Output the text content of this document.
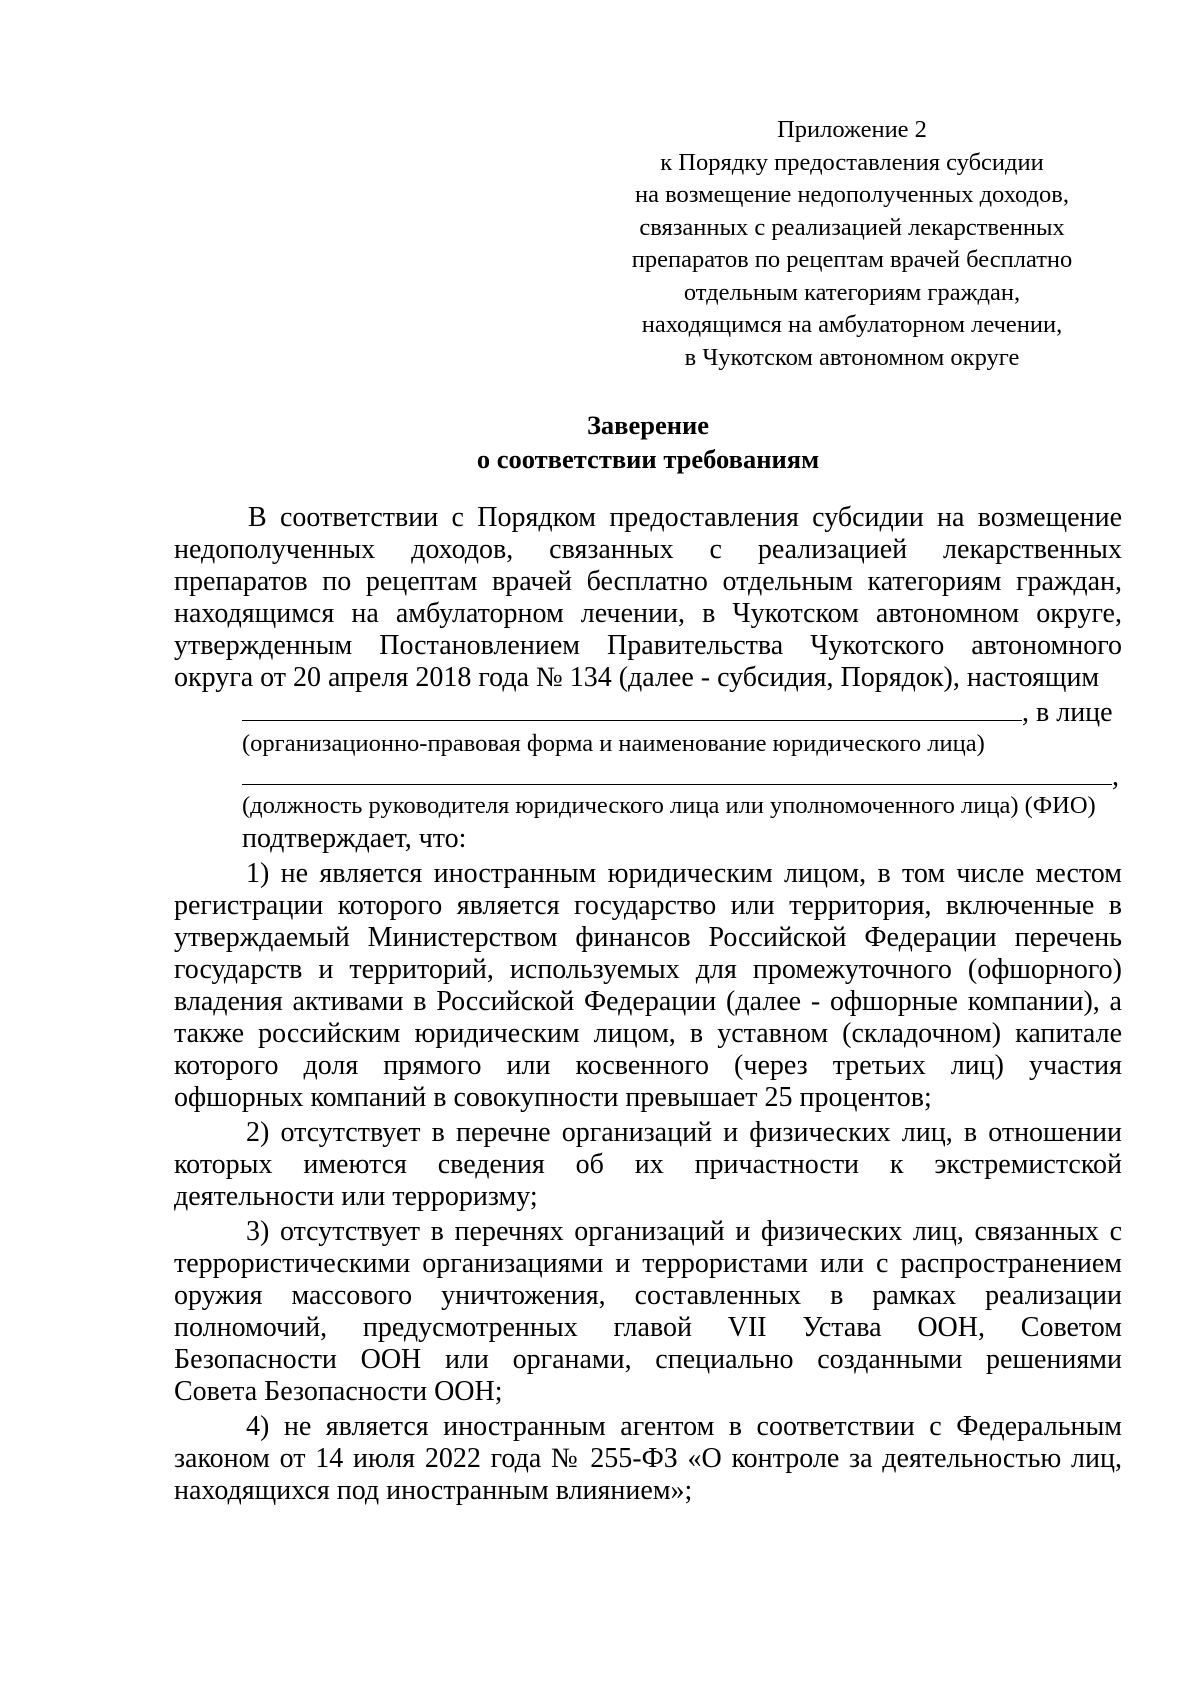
Приложение 2
к Порядку предоставления субсидии
на возмещение недополученных доходов,
связанных с реализацией лекарственных
препаратов по рецептам врачей бесплатно
отдельным категориям граждан,
находящимся на амбулаторном лечении,
в Чукотском автономном округе
Заверение
о соответствии требованиям
В соответствии с Порядком предоставления субсидии на возмещение
недополученных доходов, связанных с реализацией лекарственных
препаратов по рецептам врачей бесплатно отдельным категориям граждан,
находящимся на амбулаторном лечении, в Чукотском автономном округе,
утвержденным Постановлением Правительства Чукотского автономного
округа от 20 апреля 2018 года № 134 (далее - субсидия, Порядок), настоящим
, в лице
(организационно-правовая форма и наименование юридического лица)
,
(должность руководителя юридического лица или уполномоченного лица) (ФИО)
подтверждает, что:
1) не является иностранным юридическим лицом, в том числе местом
регистрации которого является государство или территория, включенные в
утверждаемый Министерством финансов Российской Федерации перечень
государств и территорий, используемых для промежуточного (офшорного)
владения активами в Российской Федерации (далее - офшорные компании), а
также российским юридическим лицом, в уставном (складочном) капитале
которого доля прямого или косвенного (через третьих лиц) участия
офшорных компаний в совокупности превышает 25 процентов;
2) отсутствует в перечне организаций и физических лиц, в отношении
которых имеются сведения об их причастности к экстремистской
деятельности или терроризму;
3) отсутствует в перечнях организаций и физических лиц, связанных с
террористическими организациями и террористами или с распространением
оружия массового уничтожения, составленных в рамках реализации
полномочий, предусмотренных главой VII Устава ООН, Советом
Безопасности ООН или органами, специально созданными решениями
Совета Безопасности ООН;
4) не является иностранным агентом в соответствии с Федеральным
законом от 14 июля 2022 года № 255-ФЗ «О контроле за деятельностью лиц,
находящихся под иностранным влиянием»;
